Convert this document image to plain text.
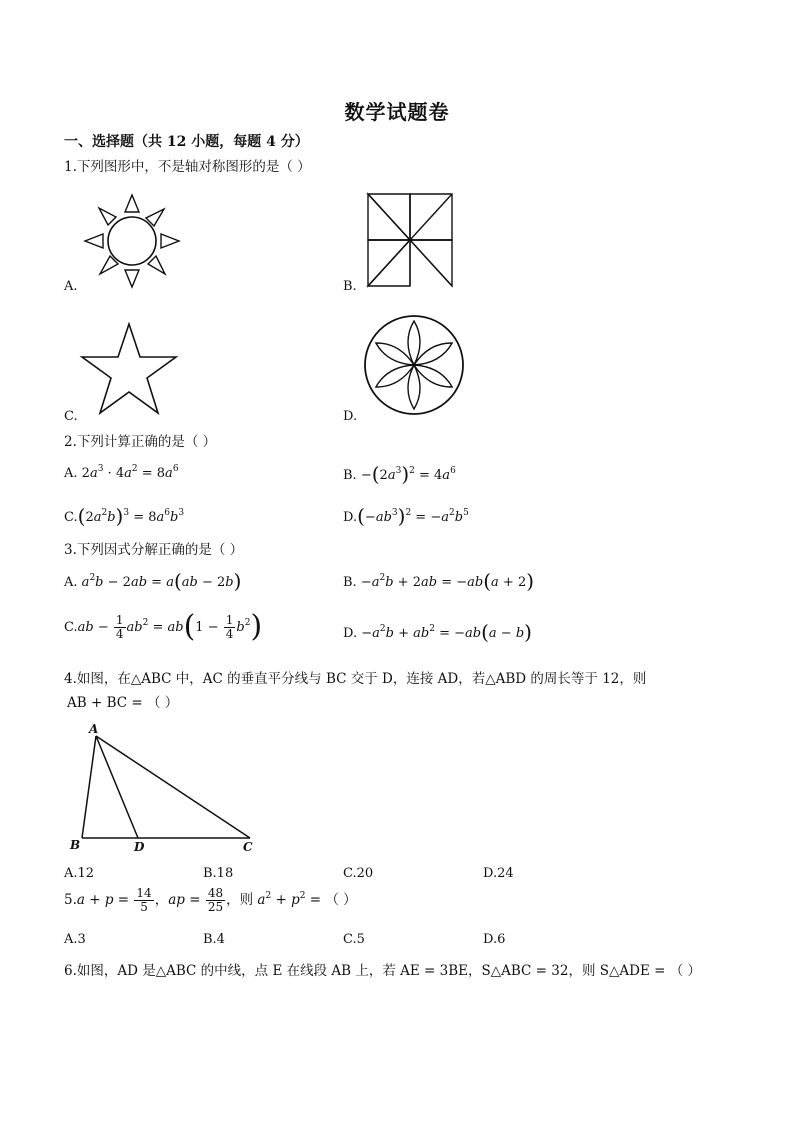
数学试题卷
一、选择题（共 12 小题，每题 4 分）
1.下列图形中，不是轴对称图形的是（ ）
A.	B.
C.	D.
2.下列计算正确的是（ ）
A. $2a^3 \cdot 4a^2 = 8a^6$	B. $-(2a^3)^2 = 4a^6$
$C.(2a^2b)^3 = 8a^6b^3$	$D.(-ab^3)^2 = -a^2b^5$
3.下列因式分解正确的是（ ）
A. $a^2b - 2ab = a(ab - 2b)$	B. $-a^2b + 2ab = -ab(a + 2)$
$C.ab - \frac{1}{4} ab^2 = ab(1 - \frac{1}{4} b^2)$	D. $-a^2b + ab^2 = -ab(a - b)$
4.如图，在△ABC 中，AC 的垂直平分线与 BC 交于 D，连接 AD，若△ABD 的周长等于 12，则
AB + BC = （ ）
A
B	D	C
A.12	B.18	C.20	D.24
$5.a + p = \frac{14}{5}$ ，ap = $\frac{48}{25}$ ，则 $a^2 + p^2$ = （ ）
A.3	B.4	C.5	D.6
6.如图，AD 是△ABC 的中线，点 E 在线段 AB 上，若 AE = 3BE，S△ABC = 32，则 S△ADE = （ ）
